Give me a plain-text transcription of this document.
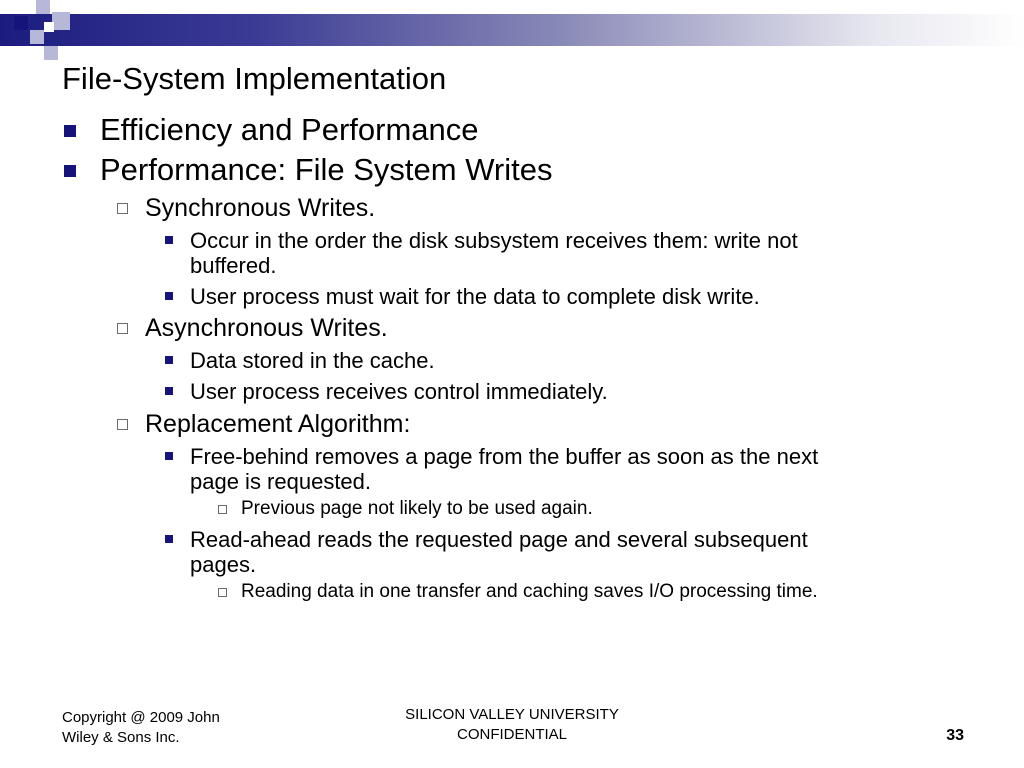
File-System Implementation
Efficiency and Performance
Performance: File System Writes
Synchronous Writes.
Occur in the order the disk subsystem receives them: write not
buffered.
User process must wait for the data to complete disk write.
Asynchronous Writes.
Data stored in the cache.
User process receives control immediately.
Replacement Algorithm:
Free-behind removes a page from the buffer as soon as the next
page is requested.
Previous page not likely to be used again.
Read-ahead reads the requested page and several subsequent
pages.
Reading data in one transfer and caching saves I/O processing time.
Copyright @ 2009 John
Wiley & Sons Inc.
SILICON VALLEY UNIVERSITY
CONFIDENTIAL	33
